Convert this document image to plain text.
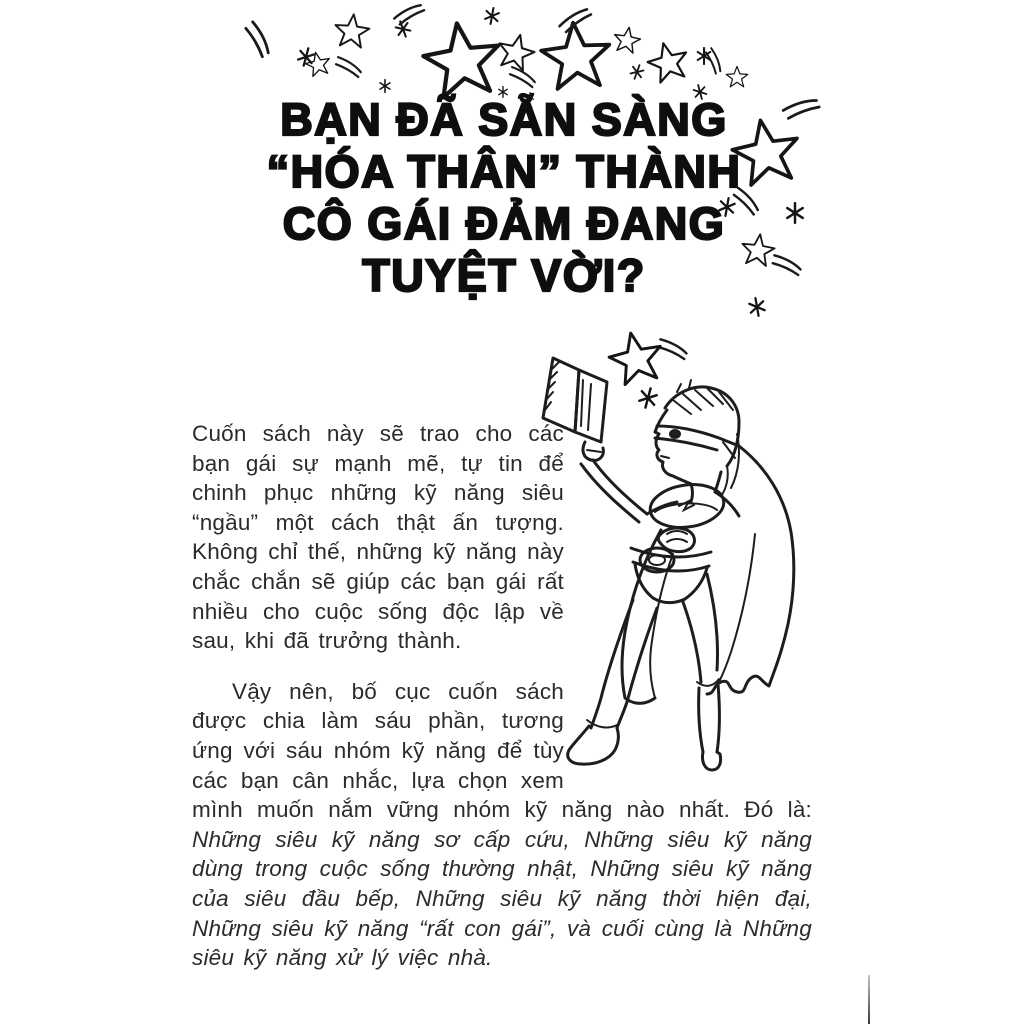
BẠN ĐÃ SẴN SÀNG
“HÓA THÂN” THÀNH
CÔ GÁI ĐẢM ĐANG
TUYỆT VỜI?

Cuốn sách này sẽ trao cho các bạn gái sự mạnh mẽ, tự tin để chinh phục những kỹ năng siêu “ngầu” một cách thật ấn tượng. Không chỉ thế, những kỹ năng này chắc chắn sẽ giúp các bạn gái rất nhiều cho cuộc sống độc lập về sau, khi đã trưởng thành.

Vậy nên, bố cục cuốn sách được chia làm sáu phần, tương ứng với sáu nhóm kỹ năng để tùy các bạn cân nhắc, lựa chọn xem mình muốn nắm vững nhóm kỹ năng nào nhất. Đó là: Những siêu kỹ năng sơ cấp cứu, Những siêu kỹ năng dùng trong cuộc sống thường nhật, Những siêu kỹ năng của siêu đầu bếp, Những siêu kỹ năng thời hiện đại, Những siêu kỹ năng “rất con gái”, và cuối cùng là Những siêu kỹ năng xử lý việc nhà.
